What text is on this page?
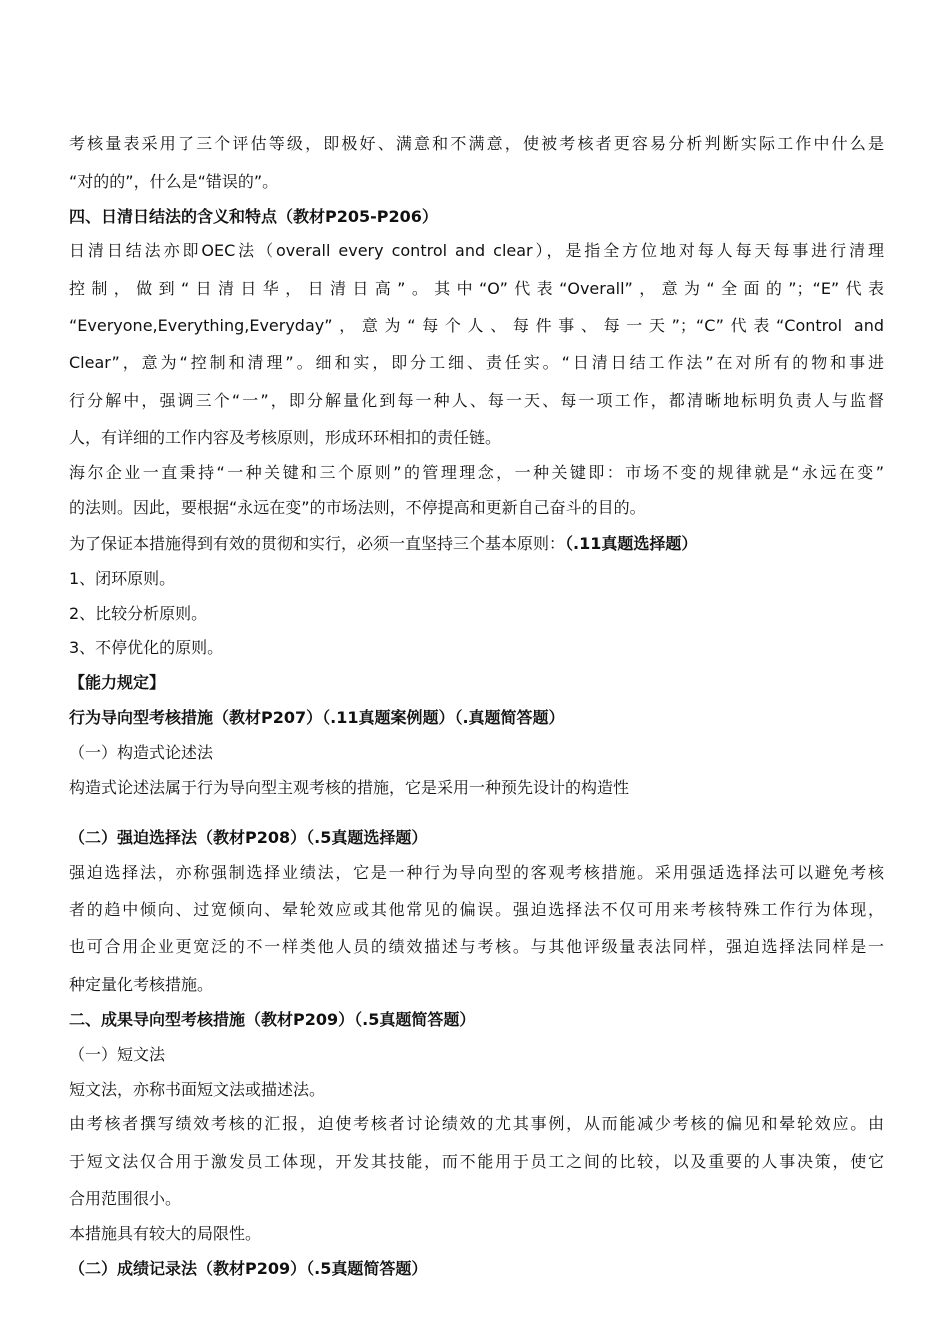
考核量表采用了三个评估等级，即极好、满意和不满意，使被考核者更容易分析判断实际工作中什么是
“对的的”，什么是“错误的”。
四、日清日结法的含义和特点（教材P205-P206）
日清日结法亦即OEC法（overall every control and clear），是指全方位地对每人每天每事进行清理
控制，做到“日清日华，日清日高”。其中“O”代表“Overall”，意为“全面的”；“E”代表
“Everyone,Everything,Everyday”，意为“每个人、每件事、每一天”；“C”代表“Control and
Clear”，意为“控制和清理”。细和实，即分工细、责任实。“日清日结工作法”在对所有的物和事进
行分解中，强调三个“一”，即分解量化到每一种人、每一天、每一项工作，都清晰地标明负责人与监督
人，有详细的工作内容及考核原则，形成环环相扣的责任链。
海尔企业一直秉持“一种关键和三个原则”的管理理念，一种关键即：市场不变的规律就是“永远在变”
的法则。因此，要根据“永远在变”的市场法则，不停提高和更新自己奋斗的目的。
为了保证本措施得到有效的贯彻和实行，必须一直坚持三个基本原则：（.11真题选择题）
1、闭环原则。
2、比较分析原则。
3、不停优化的原则。
【能力规定】
行为导向型考核措施（教材P207）（.11真题案例题）（.真题简答题）
（一）构造式论述法
构造式论述法属于行为导向型主观考核的措施，它是采用一种预先设计的构造性
（二）强迫选择法（教材P208）（.5真题选择题）
强迫选择法，亦称强制选择业绩法，它是一种行为导向型的客观考核措施。采用强适选择法可以避免考核
者的趋中倾向、过宽倾向、晕轮效应或其他常见的偏误。强迫选择法不仅可用来考核特殊工作行为体现，
也可合用企业更宽泛的不一样类他人员的绩效描述与考核。与其他评级量表法同样，强迫选择法同样是一
种定量化考核措施。
二、成果导向型考核措施（教材P209）（.5真题简答题）
（一）短文法
短文法，亦称书面短文法或描述法。
由考核者撰写绩效考核的汇报，迫使考核者讨论绩效的尤其事例，从而能减少考核的偏见和晕轮效应。由
于短文法仅合用于激发员工体现，开发其技能，而不能用于员工之间的比较，以及重要的人事决策，使它
合用范围很小。
本措施具有较大的局限性。
（二）成绩记录法（教材P209）（.5真题简答题）
